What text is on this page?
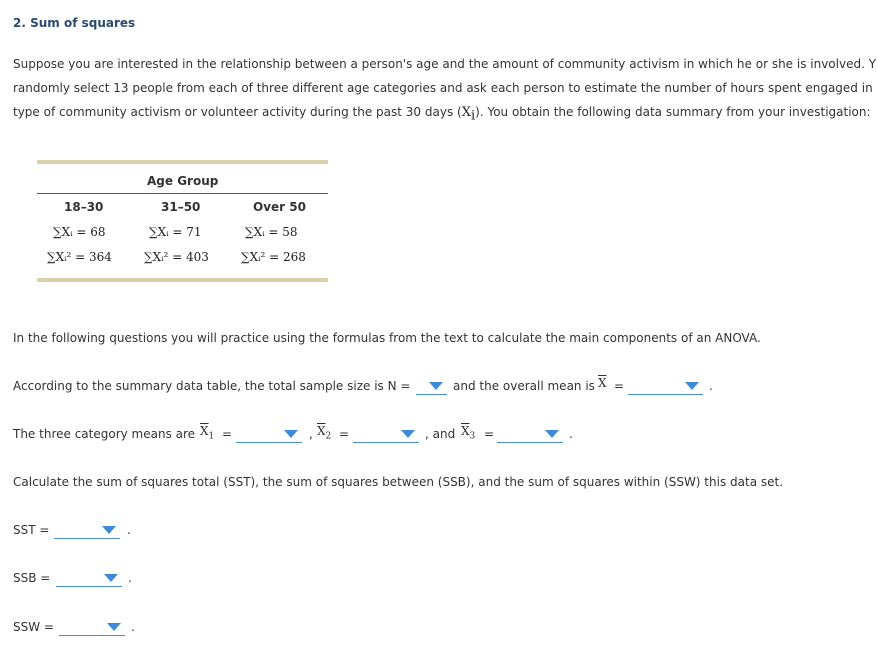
2. Sum of squares
Suppose you are interested in the relationship between a person's age and the amount of community activism in which he or she is involved. Y
randomly select 13 people from each of three different age categories and ask each person to estimate the number of hours spent engaged in
type of community activism or volunteer activity during the past 30 days $(X_i)$. You obtain the following data summary from your investigation:
Age Group
18–30	31–50	Over 50
∑Xᵢ = 68	∑Xᵢ = 71	∑Xᵢ = 58
∑Xᵢ² = 364	∑Xᵢ² = 403	∑Xᵢ² = 268
In the following questions you will practice using the formulas from the text to calculate the main components of an ANOVA.
According to the summary data table, the total sample size is N =	and the overall mean is $\overline{X}$ =	.
The three category means are $\overline{X}_1$ =	, $\overline{X}_2$ =	, and $\overline{X}_3$ =	.
Calculate the sum of squares total (SST), the sum of squares between (SSB), and the sum of squares within (SSW) this data set.
SST =	.
SSB =	.
SSW =	.
